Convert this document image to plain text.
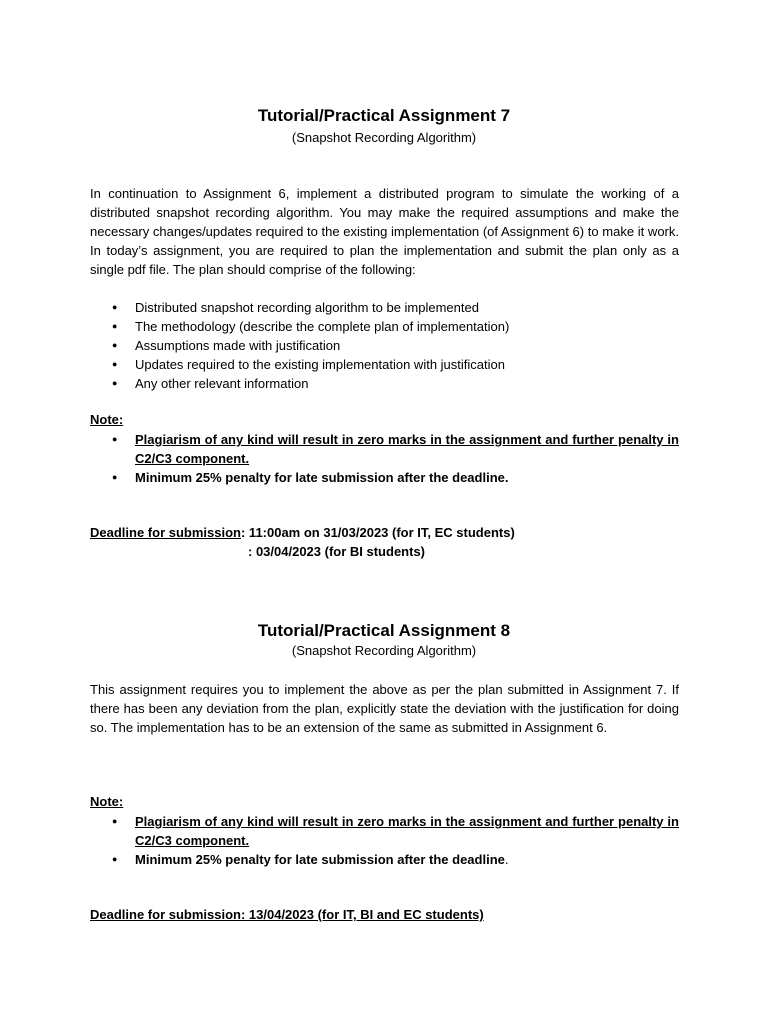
Tutorial/Practical Assignment 7

(Snapshot Recording Algorithm)

In continuation to Assignment 6, implement a distributed program to simulate the working of a distributed snapshot recording algorithm. You may make the required assumptions and make the necessary changes/updates required to the existing implementation (of Assignment 6) to make it work. In today’s assignment, you are required to plan the implementation and submit the plan only as a single pdf file. The plan should comprise of the following:

● Distributed snapshot recording algorithm to be implemented
● The methodology (describe the complete plan of implementation)
● Assumptions made with justification
● Updates required to the existing implementation with justification
● Any other relevant information

Note:

● Plagiarism of any kind will result in zero marks in the assignment and further penalty in C2/C3 component.
● Minimum 25% penalty for late submission after the deadline.

Deadline for submission: 11:00am on 31/03/2023 (for IT, EC students)

: 03/04/2023 (for BI students)

Tutorial/Practical Assignment 8

(Snapshot Recording Algorithm)

This assignment requires you to implement the above as per the plan submitted in Assignment 7. If there has been any deviation from the plan, explicitly state the deviation with the justification for doing so. The implementation has to be an extension of the same as submitted in Assignment 6.

Note:

● Plagiarism of any kind will result in zero marks in the assignment and further penalty in C2/C3 component.
● Minimum 25% penalty for late submission after the deadline.

Deadline for submission: 13/04/2023 (for IT, BI and EC students)
